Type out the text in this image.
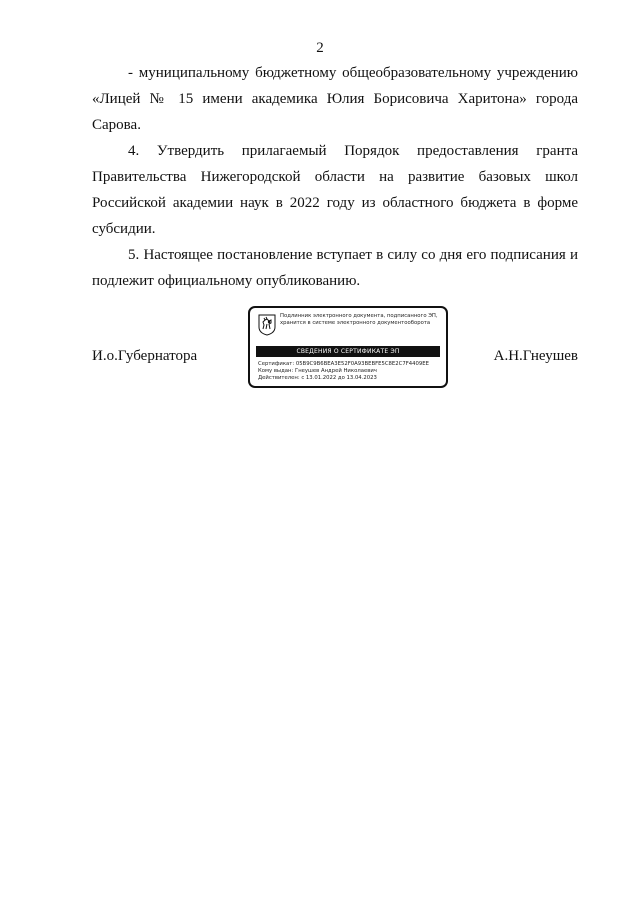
2

- муниципальному бюджетному общеобразовательному учреждению «Лицей № 15 имени академика Юлия Борисовича Харитона» города Сарова.

4. Утвердить прилагаемый Порядок предоставления гранта Правительства Нижегородской области на развитие базовых школ Российской академии наук в 2022 году из областного бюджета в форме субсидии.

5. Настоящее постановление вступает в силу со дня его подписания и подлежит официальному опубликованию.

И.о.Губернатора
Подлинник электронного документа, подписанного ЭП,
хранится в системе электронного документооборота
СВЕДЕНИЯ О СЕРТИФИКАТЕ ЭП
Сертификат: 05B9C9B6BEA3E52F0A93BEBFE5C8E2C7F4409EE
Кому выдан: Гнеушев Андрей Николаевич
Действителен: с 13.01.2022 до 13.04.2023
А.Н.Гнеушев
